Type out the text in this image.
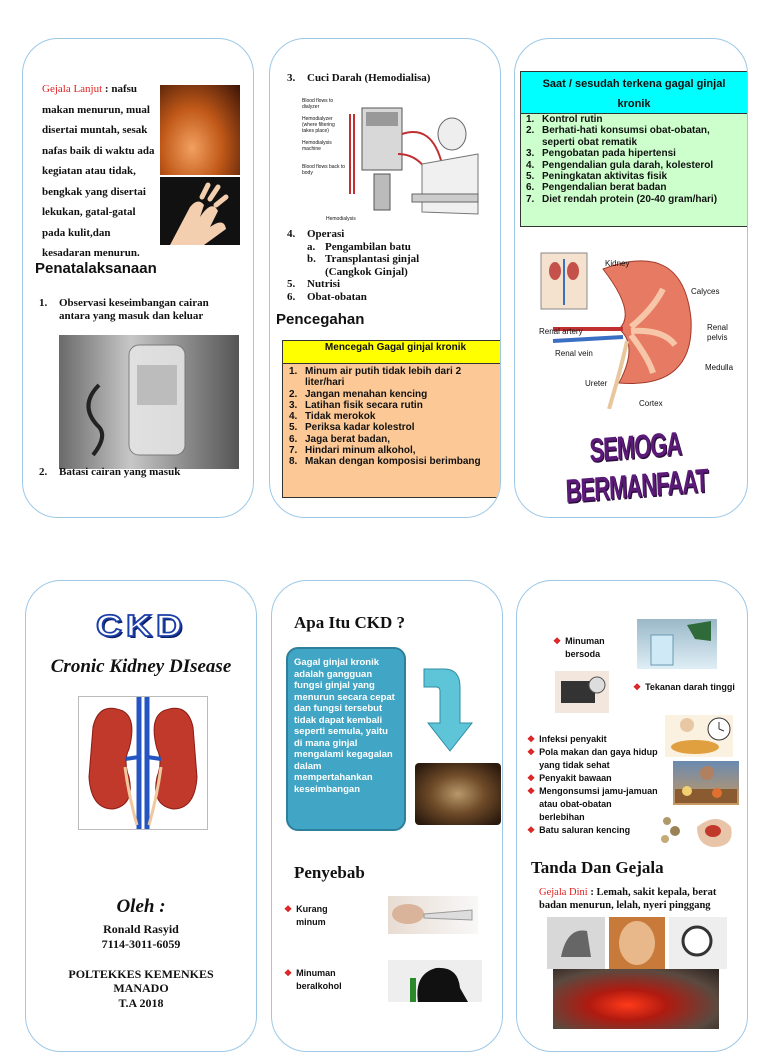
Gejala Lanjut : nafsu makan menurun, mual disertai muntah, sesak nafas baik di waktu ada kegiatan atau tidak, bengkak yang disertai lekukan, gatal-gatal pada kulit,dan kesadaran menurun.
Penatalaksanaan
1.	Observasi keseimbangan cairan antara yang masuk dan keluar
2.	Batasi cairan yang masuk
3.	Cuci Darah (Hemodialisa)
Blood flows to dialyzer
Hemodialyzer (where filtering takes place)
Hemodialysis machine
Blood flows back to body
Hemodialysis
4.	Operasi
a. Pengambilan batu
b. Transplantasi ginjal (Cangkok Ginjal)
5.	Nutrisi
6.	Obat-obatan
Pencegahan
Mencegah Gagal ginjal kronik
1. Minum air putih tidak lebih dari 2 liter/hari
2. Jangan menahan kencing
3. Latihan fisik secara rutin
4. Tidak merokok
5. Periksa kadar kolestrol
6. Jaga berat badan,
7. Hindari minum alkohol,
8. Makan dengan komposisi berimbang
Saat / sesudah terkena gagal ginjal kronik
1. Kontrol rutin
2. Berhati-hati konsumsi obat-obatan, seperti obat rematik
3. Pengobatan pada hipertensi
4. Pengendalian gula darah, kolesterol
5. Peningkatan aktivitas fisik
6. Pengendalian berat badan
7. Diet rendah protein (20-40 gram/hari)
Kidney
Calyces
Renal artery	Renal pelvis
Renal vein
Medulla
Ureter
Cortex
SEMOGA BERMANFAAT
CKD
Cronic Kidney DIsease
Oleh :
Ronald Rasyid
7114-3011-6059
POLTEKKES KEMENKES
MANADO
T.A 2018
Apa Itu CKD ?
Gagal ginjal kronik adalah gangguan fungsi ginjal yang menurun secara cepat dan fungsi tersebut tidak dapat kembali seperti semula, yaitu di mana ginjal mengalami kegagalan dalam mempertahankan keseimbangan
Penyebab
❖ Kurang minum
❖ Minuman beralkohol
❖ Minuman bersoda
❖ Tekanan darah tinggi
❖ Infeksi penyakit
❖ Pola makan dan gaya hidup yang tidak sehat
❖ Penyakit bawaan
❖ Mengonsumsi jamu-jamuan atau obat-obatan berlebihan
❖ Batu saluran kencing
Tanda Dan Gejala
Gejala Dini : Lemah, sakit kepala, berat badan menurun, lelah, nyeri pinggang
